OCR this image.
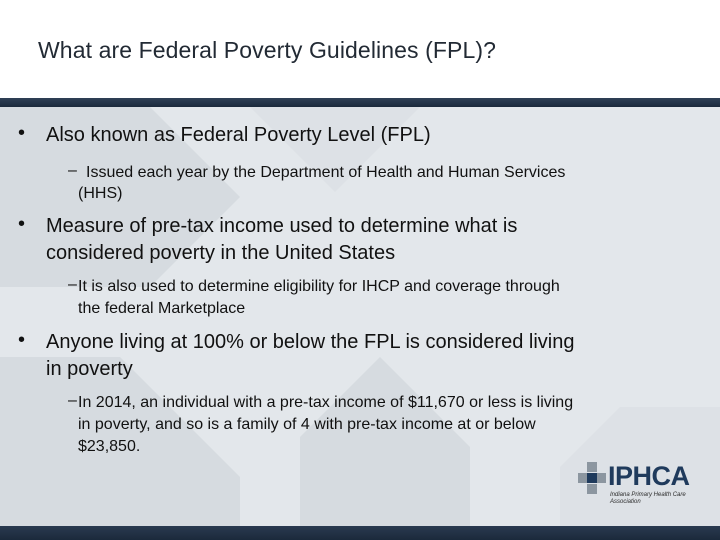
What are Federal Poverty Guidelines (FPL)?
• Also known as Federal Poverty Level (FPL)
– Issued each year by the Department of Health and Human Services
(HHS)
• Measure of pre-tax income used to determine what is
considered poverty in the United States
– It is also used to determine eligibility for IHCP and coverage through
the federal Marketplace
• Anyone living at 100% or below the FPL is considered living
in poverty
– In 2014, an individual with a pre-tax income of $11,670 or less is living
in poverty, and so is a family of 4 with pre-tax income at or below
$23,850.
IPHCA
Indiana Primary Health Care
Association
